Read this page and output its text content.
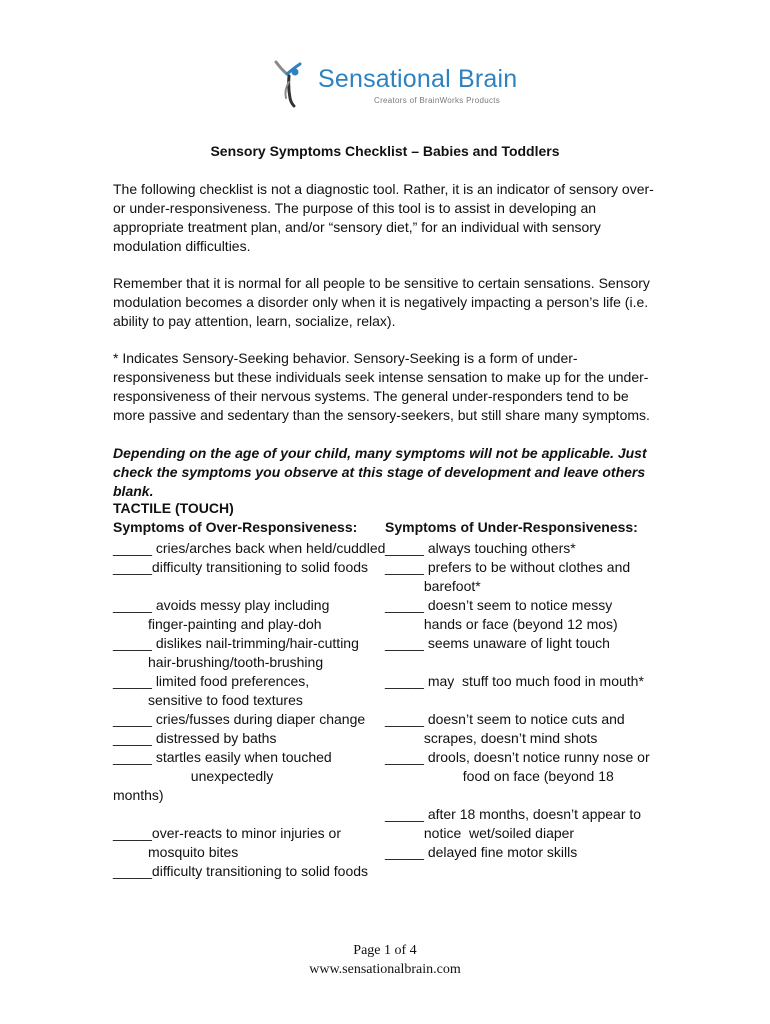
Sensational Brain
Creators of BrainWorks Products
Sensory Symptoms Checklist – Babies and Toddlers
The following checklist is not a diagnostic tool. Rather, it is an indicator of sensory over- or under-responsiveness. The purpose of this tool is to assist in developing an appropriate treatment plan, and/or “sensory diet,” for an individual with sensory modulation difficulties.
Remember that it is normal for all people to be sensitive to certain sensations. Sensory modulation becomes a disorder only when it is negatively impacting a person’s life (i.e. ability to pay attention, learn, socialize, relax).
* Indicates Sensory-Seeking behavior. Sensory-Seeking is a form of under-responsiveness but these individuals seek intense sensation to make up for the under-responsiveness of their nervous systems. The general under-responders tend to be more passive and sedentary than the sensory-seekers, but still share many symptoms.
Depending on the age of your child, many symptoms will not be applicable. Just check the symptoms you observe at this stage of development and leave others blank.
TACTILE (TOUCH)
Symptoms of Over-Responsiveness: Symptoms of Under-Responsiveness:
_____ cries/arches back when held/cuddled
_____difficulty transitioning to solid foods
_____ avoids messy play including
finger-painting and play-doh
_____ dislikes nail-trimming/hair-cutting
hair-brushing/tooth-brushing
_____ limited food preferences,
sensitive to food textures
_____ cries/fusses during diaper change
_____ distressed by baths
_____ startles easily when touched
unexpectedly
months)
_____over-reacts to minor injuries or
mosquito bites
_____difficulty transitioning to solid foods
_____ always touching others*
_____ prefers to be without clothes and
barefoot*
_____ doesn’t seem to notice messy
hands or face (beyond 12 mos)
_____ seems unaware of light touch
_____ may  stuff too much food in mouth*
_____ doesn’t seem to notice cuts and
scrapes, doesn’t mind shots
_____ drools, doesn’t notice runny nose or
food on face (beyond 18
_____ after 18 months, doesn’t appear to
notice  wet/soiled diaper
_____ delayed fine motor skills
Page 1 of 4
www.sensationalbrain.com
